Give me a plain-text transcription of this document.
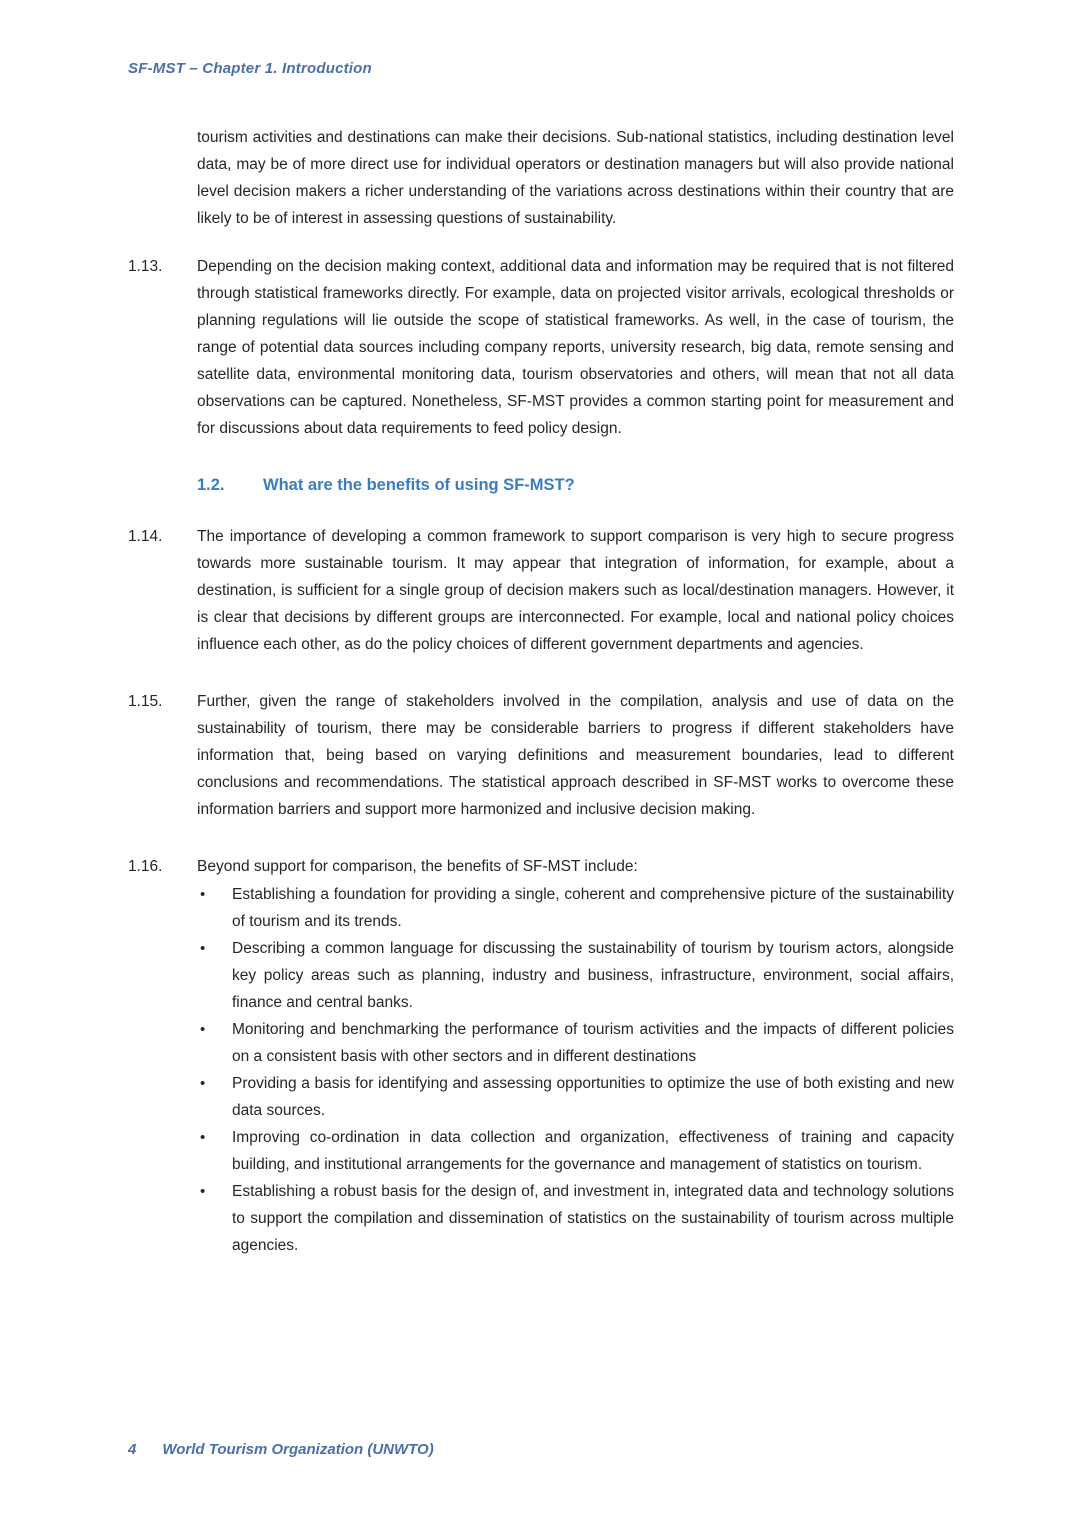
SF-MST – Chapter 1. Introduction

tourism activities and destinations can make their decisions. Sub-national statistics, including destination level data, may be of more direct use for individual operators or destination managers but will also provide national level decision makers a richer understanding of the variations across destinations within their country that are likely to be of interest in assessing questions of sustainability.

1.13.	Depending on the decision making context, additional data and information may be required that is not filtered through statistical frameworks directly. For example, data on projected visitor arrivals, ecological thresholds or planning regulations will lie outside the scope of statistical frameworks. As well, in the case of tourism, the range of potential data sources including company reports, university research, big data, remote sensing and satellite data, environmental monitoring data, tourism observatories and others, will mean that not all data observations can be captured. Nonetheless, SF-MST provides a common starting point for measurement and for discussions about data requirements to feed policy design.
1.2.	What are the benefits of using SF-MST?
1.14.	The importance of developing a common framework to support comparison is very high to secure progress towards more sustainable tourism. It may appear that integration of information, for example, about a destination, is sufficient for a single group of decision makers such as local/destination managers. However, it is clear that decisions by different groups are interconnected. For example, local and national policy choices influence each other, as do the policy choices of different government departments and agencies.
1.15.	Further, given the range of stakeholders involved in the compilation, analysis and use of data on the sustainability of tourism, there may be considerable barriers to progress if different stakeholders have information that, being based on varying definitions and measurement boundaries, lead to different conclusions and recommendations. The statistical approach described in SF-MST works to overcome these information barriers and support more harmonized and inclusive decision making.
1.16.	Beyond support for comparison, the benefits of SF-MST include:
• Establishing a foundation for providing a single, coherent and comprehensive picture of the sustainability of tourism and its trends.
• Describing a common language for discussing the sustainability of tourism by tourism actors, alongside key policy areas such as planning, industry and business, infrastructure, environment, social affairs, finance and central banks.
• Monitoring and benchmarking the performance of tourism activities and the impacts of different policies on a consistent basis with other sectors and in different destinations
• Providing a basis for identifying and assessing opportunities to optimize the use of both existing and new data sources.
• Improving co-ordination in data collection and organization, effectiveness of training and capacity building, and institutional arrangements for the governance and management of statistics on tourism.
• Establishing a robust basis for the design of, and investment in, integrated data and technology solutions to support the compilation and dissemination of statistics on the sustainability of tourism across multiple agencies.
4 World Tourism Organization (UNWTO)
